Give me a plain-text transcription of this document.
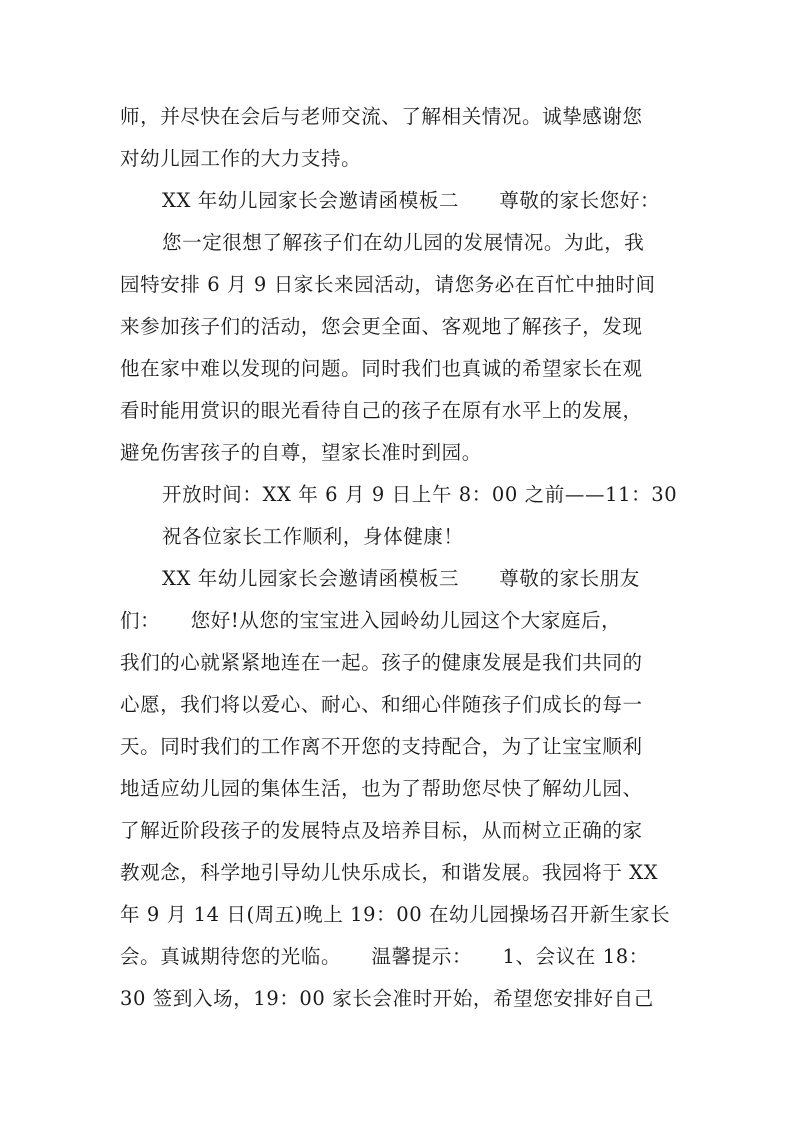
师，并尽快在会后与老师交流、了解相关情况。诚挚感谢您
对幼儿园工作的大力支持。
XX 年幼儿园家长会邀请函模板二　　尊敬的家长您好：
您一定很想了解孩子们在幼儿园的发展情况。为此，我
园特安排 6 月 9 日家长来园活动，请您务必在百忙中抽时间
来参加孩子们的活动，您会更全面、客观地了解孩子，发现
他在家中难以发现的问题。同时我们也真诚的希望家长在观
看时能用赏识的眼光看待自己的孩子在原有水平上的发展，
避免伤害孩子的自尊，望家长准时到园。
开放时间：XX 年 6 月 9 日上午 8：00 之前——11：30
祝各位家长工作顺利，身体健康！
XX 年幼儿园家长会邀请函模板三　　尊敬的家长朋友
们：　　您好!从您的宝宝进入园岭幼儿园这个大家庭后，
我们的心就紧紧地连在一起。孩子的健康发展是我们共同的
心愿，我们将以爱心、耐心、和细心伴随孩子们成长的每一
天。同时我们的工作离不开您的支持配合，为了让宝宝顺利
地适应幼儿园的集体生活，也为了帮助您尽快了解幼儿园、
了解近阶段孩子的发展特点及培养目标，从而树立正确的家
教观念，科学地引导幼儿快乐成长，和谐发展。我园将于 XX
年 9 月 14 日(周五)晚上 19：00 在幼儿园操场召开新生家长
会。真诚期待您的光临。　　温馨提示：　　1、会议在 18：
30 签到入场，19：00 家长会准时开始，希望您安排好自己
